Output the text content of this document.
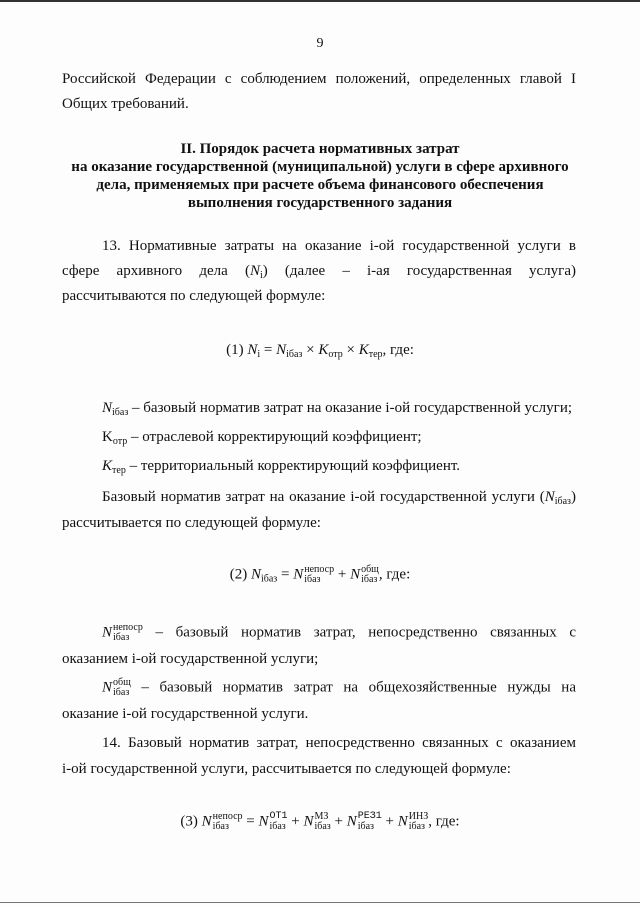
9
Российской Федерации с соблюдением положений, определенных главой I
Общих требований.
II. Порядок расчета нормативных затрат
на оказание государственной (муниципальной) услуги в сфере архивного
дела, применяемых при расчете объема финансового обеспечения
выполнения государственного задания
13. Нормативные затраты на оказание i-ой государственной услуги в
сфере архивного дела $(N_i)$ (далее – i-ая государственная услуга)
рассчитываются по следующей формуле:
(1) $N_i = N_{iбаз} \times K_{отр} \times K_{тер}$, где:
$N_{iбаз}$ – базовый норматив затрат на оказание i-ой государственной услуги;
$K_{отр}$ – отраслевой корректирующий коэффициент;
$K_{тер}$ – территориальный корректирующий коэффициент.
Базовый норматив затрат на оказание i-ой государственной услуги $(N_{iбаз})$
рассчитывается по следующей формуле:
(2) $N_{iбаз} = N$ непоср
iбаз + N общ
iбаз , где:
N непоср
iбаз	– базовый норматив затрат, непосредственно связанных с
оказанием i-ой государственной услуги;
N общ
iбаз – базовый норматив затрат на общехозяйственные нужды на
оказание i-ой государственной услуги.
14. Базовый норматив затрат, непосредственно связанных с оказанием
i-ой государственной услуги, рассчитывается по следующей формуле:
(3) N непоср
iбаз = N ОТ1
iбаз + N МЗ
iбаз + N РЕЗ1
iбаз + N ИНЗ
iбаз , где:
